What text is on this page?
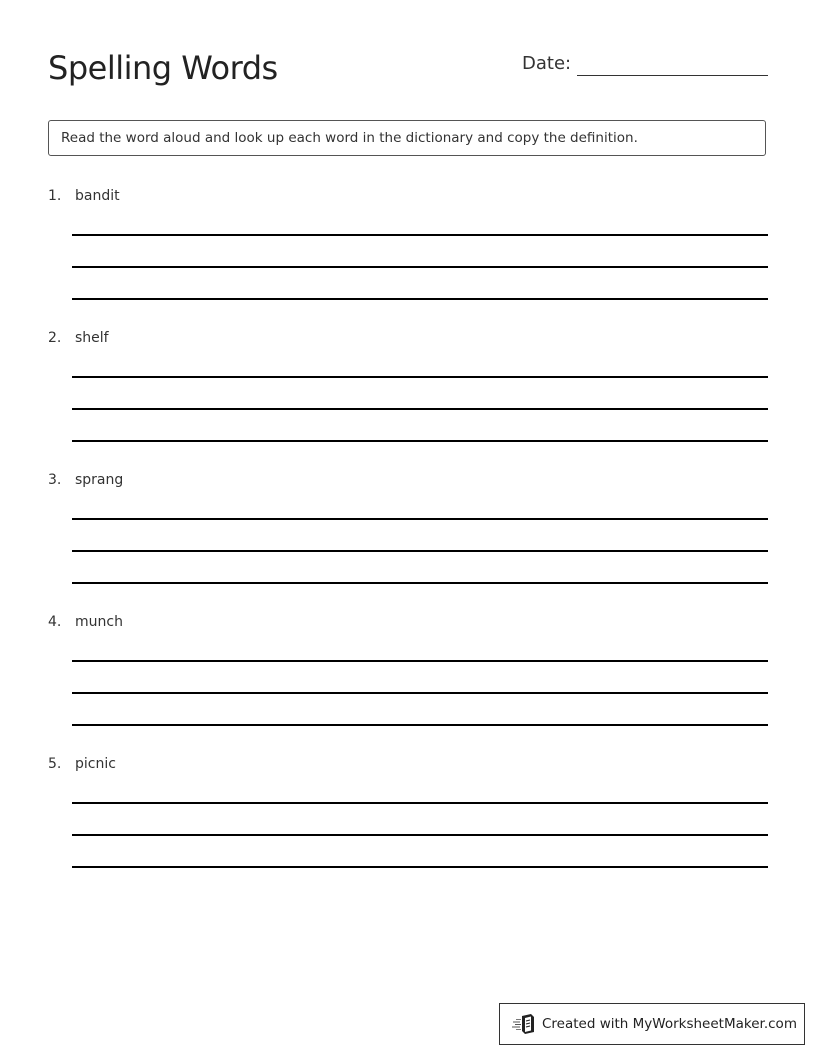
Spelling Words	Date:
Read the word aloud and look up each word in the dictionary and copy the definition.
1. bandit
2. shelf
3. sprang
4. munch
5. picnic
Created with MyWorksheetMaker.com
